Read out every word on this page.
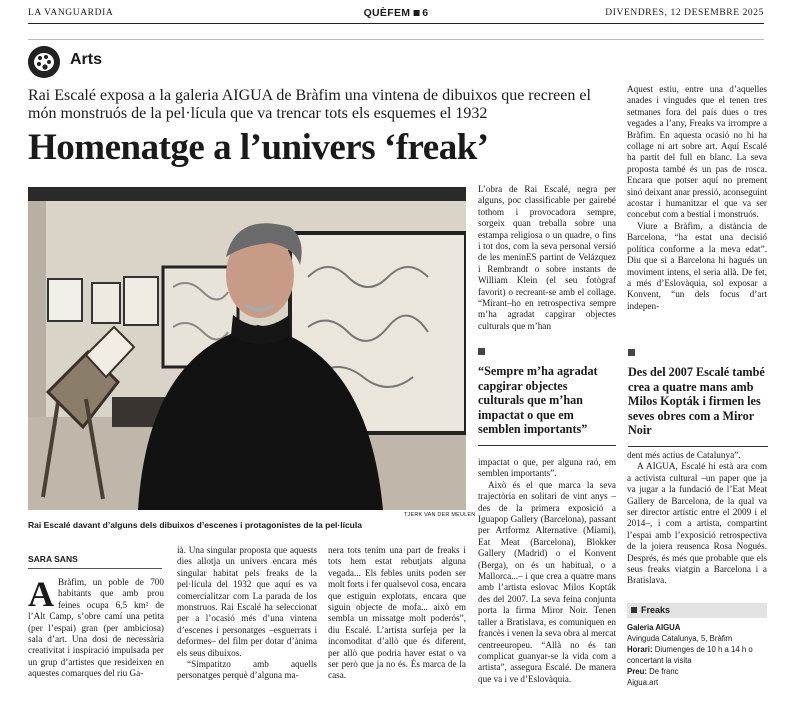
LA VANGUARDIA	QUÈFEM 6	DIVENDRES, 12 DESEMBRE 2025
Arts
Rai Escalé exposa a la galeria AIGUA de Bràfim una vintena de dibuixos que recreen el món monstruós de la pel·lícula que va trencar tots els esquemes el 1932
Homenatge a l’univers ‘freak’
TJERK VAN DER MEULEN
Rai Escalé davant d’alguns dels dibuixos d’escenes i protagonistes de la pel·lícula
SARA SANS
A Bràfim, un poble de 700 habitants que amb prou feines ocupa 6,5 km² de l’Alt Camp, s’obre camí una petita (per l’espai) gran (per ambiciosa) sala d’art. Una dosi de necessària creativitat i inspiració impulsada per un grup d’artistes que resideixen en aquestes comarques del riu Ga-

ià. Una singular proposta que aquests dies allotja un univers encara més singular habitat pels freaks de la pel·lícula del 1932 que aquí es va comercialitzar com La parada de los monstruos. Rai Escalé ha seleccionat per a l’ocasió més d’una vintena d’escenes i personatges –esguerrats i deformes– del film per dotar d’ànima els seus dibuixos.

“Simpatitzo amb aquells personatges perquè d’alguna ma-

nera tots tenim una part de freaks i tots hem estat rebutjats alguna vegada... Els febles units poden ser molt forts i fer qualsevol cosa, encara que estiguin explotats, encara que siguin objecte de mofa... això em sembla un missatge molt poderós”, diu Escalé. L’artista surfeja per la incomoditat d’allò que és diferent, per allò que podria haver estat o va ser però que ja no és. És marca de la casa.

L’obra de Rai Escalé, negra per alguns, poc classificable per gairebé tothom i provocadora sempre, sorgeix quan treballa sobre una estampa religiosa o un quadre, o fins i tot dos, com la seva personal versió de les meninES partint de Velázquez i Rembrandt o sobre instants de William Klein (el seu fotògraf favorit) o recreant-se amb el collage. “Mirant–ho en retrospectiva sempre m’ha agradat capgirar objectes culturals que m’han

“Sempre m’ha agradat capgirar objectes culturals que m’han impactat o que em semblen importants”

impactat o que, per alguna raó, em semblen importants”.

Això és el que marca la seva trajectòria en solitari de vint anys –des de la primera exposició a Iguapop Gallery (Barcelona), passant per Artformz Alternative (Miami), Eat Meat (Barcelona), Blokker Gallery (Madrid) o el Konvent (Berga), on és un habitual, o a Mallorca...– i que crea a quatre mans amb l’artista eslovac Milos Kopták des del 2007. La seva feina conjunta porta la firma Miror Noir. Tenen taller a Bratislava, es comuniquen en francès i venen la seva obra al mercat centreeuropeu. “Allà no és tan complicat guanyar-se la vida com a artista”, assegura Escalé. De manera que va i ve d’Eslovàquia.

Aquest estiu, entre una d’aquelles anades i vingudes que el tenen tres setmanes fora del país dues o tres vegades a l’any, Freaks va irrompre a Bràfim. En aquesta ocasió no hi ha collage ni art sobre art. Aquí Escalé ha partit del full en blanc. La seva proposta també és un pas de rosca. Encara que potser aquí no prement sinó deixant anar pressió, aconseguint acostar i humanitzar el que va ser concebut com a bestial i monstruós.

Viure a Bràfim, a distància de Barcelona, “ha estat una decisió política conforme a la meva edat”. Diu que si a Barcelona hi hagués un moviment intens, el seria allà. De fet, a més d’Eslovàquia, sol exposar a Konvent, “un dels focus d’art indepen-

Des del 2007 Escalé també crea a quatre mans amb Milos Kopták i firmen les seves obres com a Miror Noir

dent més actius de Catalunya”.

A AIGUA, Escalé hi està ara com a activista cultural –un paper que ja va jugar a la fundació de l’Eat Meat Gallery de Barcelona, de la qual va ser director artístic entre el 2009 i el 2014–, i com a artista, compartint l’espai amb l’exposició retrospectiva de la joiera reusenca Rosa Nogués. Després, és més que probable que els seus freaks viatgin a Barcelona i a Bratislava.

Freaks
Galeria AIGUA
Avinguda Catalunya, 5, Bràfim
Horari: Diumenges de 10 h a 14 h o concertant la visita
Preu: De franc
Aigua.art
